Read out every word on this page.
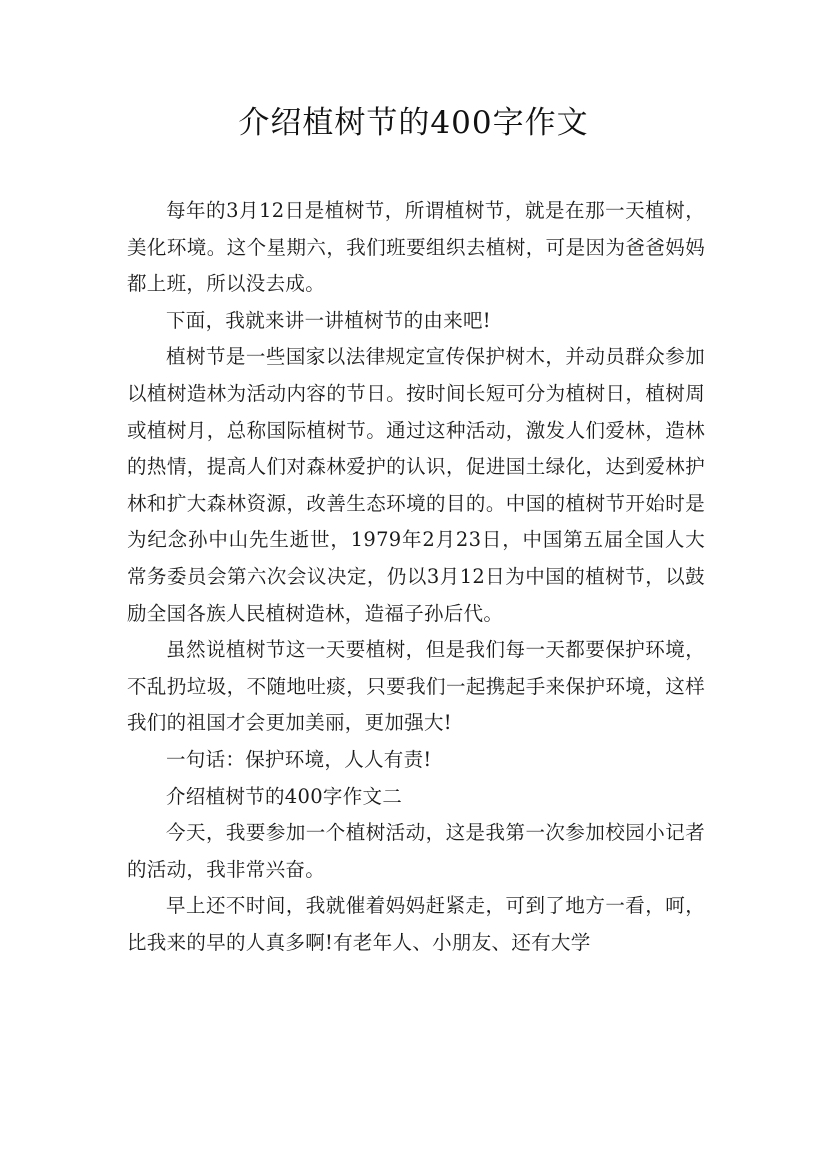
介绍植树节的400字作文

每年的3月12日是植树节，所谓植树节，就是在那一天植树，美化环境。这个星期六，我们班要组织去植树，可是因为爸爸妈妈都上班，所以没去成。

下面，我就来讲一讲植树节的由来吧!

植树节是一些国家以法律规定宣传保护树木，并动员群众参加以植树造林为活动内容的节日。按时间长短可分为植树日，植树周或植树月，总称国际植树节。通过这种活动，激发人们爱林，造林的热情，提高人们对森林爱护的认识，促进国土绿化，达到爱林护林和扩大森林资源，改善生态环境的目的。中国的植树节开始时是为纪念孙中山先生逝世，1979年2月23日，中国第五届全国人大常务委员会第六次会议决定，仍以3月12日为中国的植树节，以鼓励全国各族人民植树造林，造福子孙后代。

虽然说植树节这一天要植树，但是我们每一天都要保护环境，不乱扔垃圾，不随地吐痰，只要我们一起携起手来保护环境，这样我们的祖国才会更加美丽，更加强大!

一句话：保护环境，人人有责!

介绍植树节的400字作文二

今天，我要参加一个植树活动，这是我第一次参加校园小记者的活动，我非常兴奋。

早上还不时间，我就催着妈妈赶紧走，可到了地方一看，呵，比我来的早的人真多啊!有老年人、小朋友、还有大学
